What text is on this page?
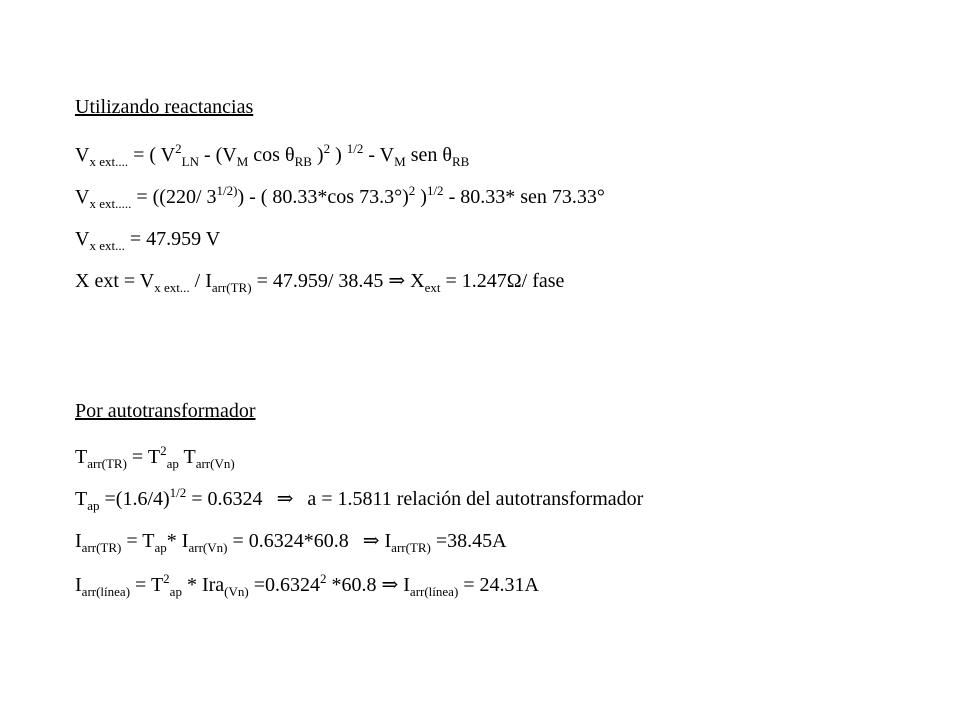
Utilizando reactancias
$V_{x ext....}$ = ( $V^2_{LN} - (V_M$ $\cos \theta_{RB}$ )$^2$ ) $^{1/2} - V_M$ sen $\theta_{RB}$
$V_{x ext.....} = ((220/$ $3^{1/2)}$) - ( 80.33*cos 73.3°)$^2$ )$^{1/2}$ - 80.33* sen 73.33°
$V_{x ext...} = 47.959$ V
X ext = $V_{x ext...} / I_{arr(TR)} = 47.959/$ 38.45 ⇒ $X_{ext} = 1.247\Omega/$ fase
Por autotransformador
$T_{arr(TR)} = T^2_{ap}$ $T_{arr(Vn)}$
$T_{ap} =(1.6/4)^{1/2} = 0.6324$ ⇒ a = 1.5811 relación del autotransformador
$I_{arr(TR)} = T_{ap}*$ $I_{arr(Vn)} = 0.6324*60.8$ ⇒ $I_{arr(TR)} =38.45A$
$I_{arr(línea)} = T^2_{ap} * Ira_{(Vn)} =0.6324^2$ *60.8 ⇒ $I_{arr(línea)} = 24.31A$
